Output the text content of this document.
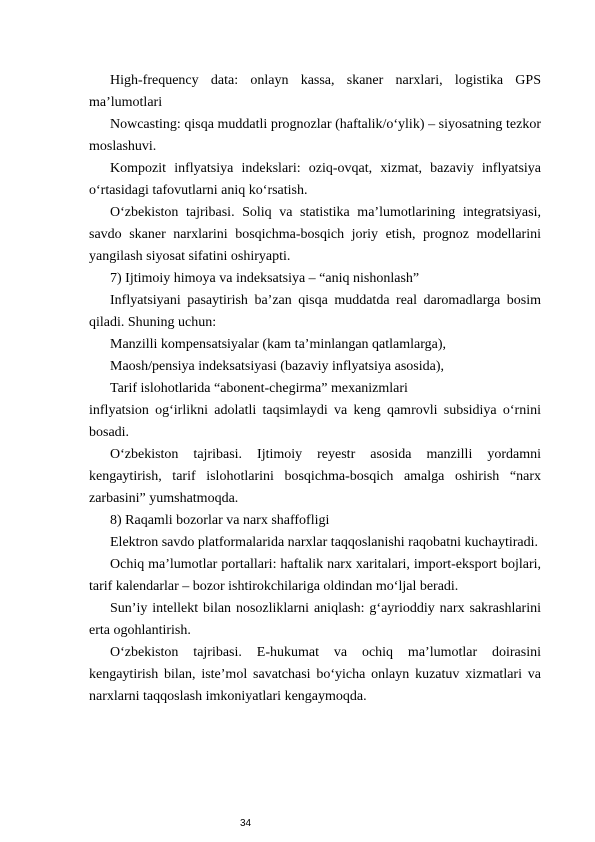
High-frequency data: onlayn kassa, skaner narxlari, logistika GPS ma’lumotlari

Nowcasting: qisqa muddatli prognozlar (haftalik/o‘ylik) – siyosatning tezkor moslashuvi.

Kompozit inflyatsiya indekslari: oziq-ovqat, xizmat, bazaviy inflyatsiya o‘rtasidagi tafovutlarni aniq ko‘rsatish.

O‘zbekiston tajribasi. Soliq va statistika ma’lumotlarining integratsiyasi, savdo skaner narxlarini bosqichma-bosqich joriy etish, prognoz modellarini yangilash siyosat sifatini oshiryapti.

7) Ijtimoiy himoya va indeksatsiya – “aniq nishonlash”

Inflyatsiyani pasaytirish ba’zan qisqa muddatda real daromadlarga bosim qiladi. Shuning uchun:

Manzilli kompensatsiyalar (kam ta’minlangan qatlamlarga),

Maosh/pensiya indeksatsiyasi (bazaviy inflyatsiya asosida),

Tarif islohotlarida “abonent-chegirma” mexanizmlari

inflyatsion og‘irlikni adolatli taqsimlaydi va keng qamrovli subsidiya o‘rnini bosadi.

O‘zbekiston tajribasi. Ijtimoiy reyestr asosida manzilli yordamni kengaytirish, tarif islohotlarini bosqichma-bosqich amalga oshirish “narx zarbasini” yumshatmoqda.

8) Raqamli bozorlar va narx shaffofligi

Elektron savdo platformalarida narxlar taqqoslanishi raqobatni kuchaytiradi.

Ochiq ma’lumotlar portallari: haftalik narx xaritalari, import-eksport bojlari, tarif kalendarlar – bozor ishtirokchilariga oldindan mo‘ljal beradi.

Sun’iy intellekt bilan nosozliklarni aniqlash: g‘ayrioddiy narx sakrashlarini erta ogohlantirish.

O‘zbekiston tajribasi. E-hukumat va ochiq ma’lumotlar doirasini kengaytirish bilan, iste’mol savatchasi bo‘yicha onlayn kuzatuv xizmatlari va narxlarni taqqoslash imkoniyatlari kengaymoqda.

34
